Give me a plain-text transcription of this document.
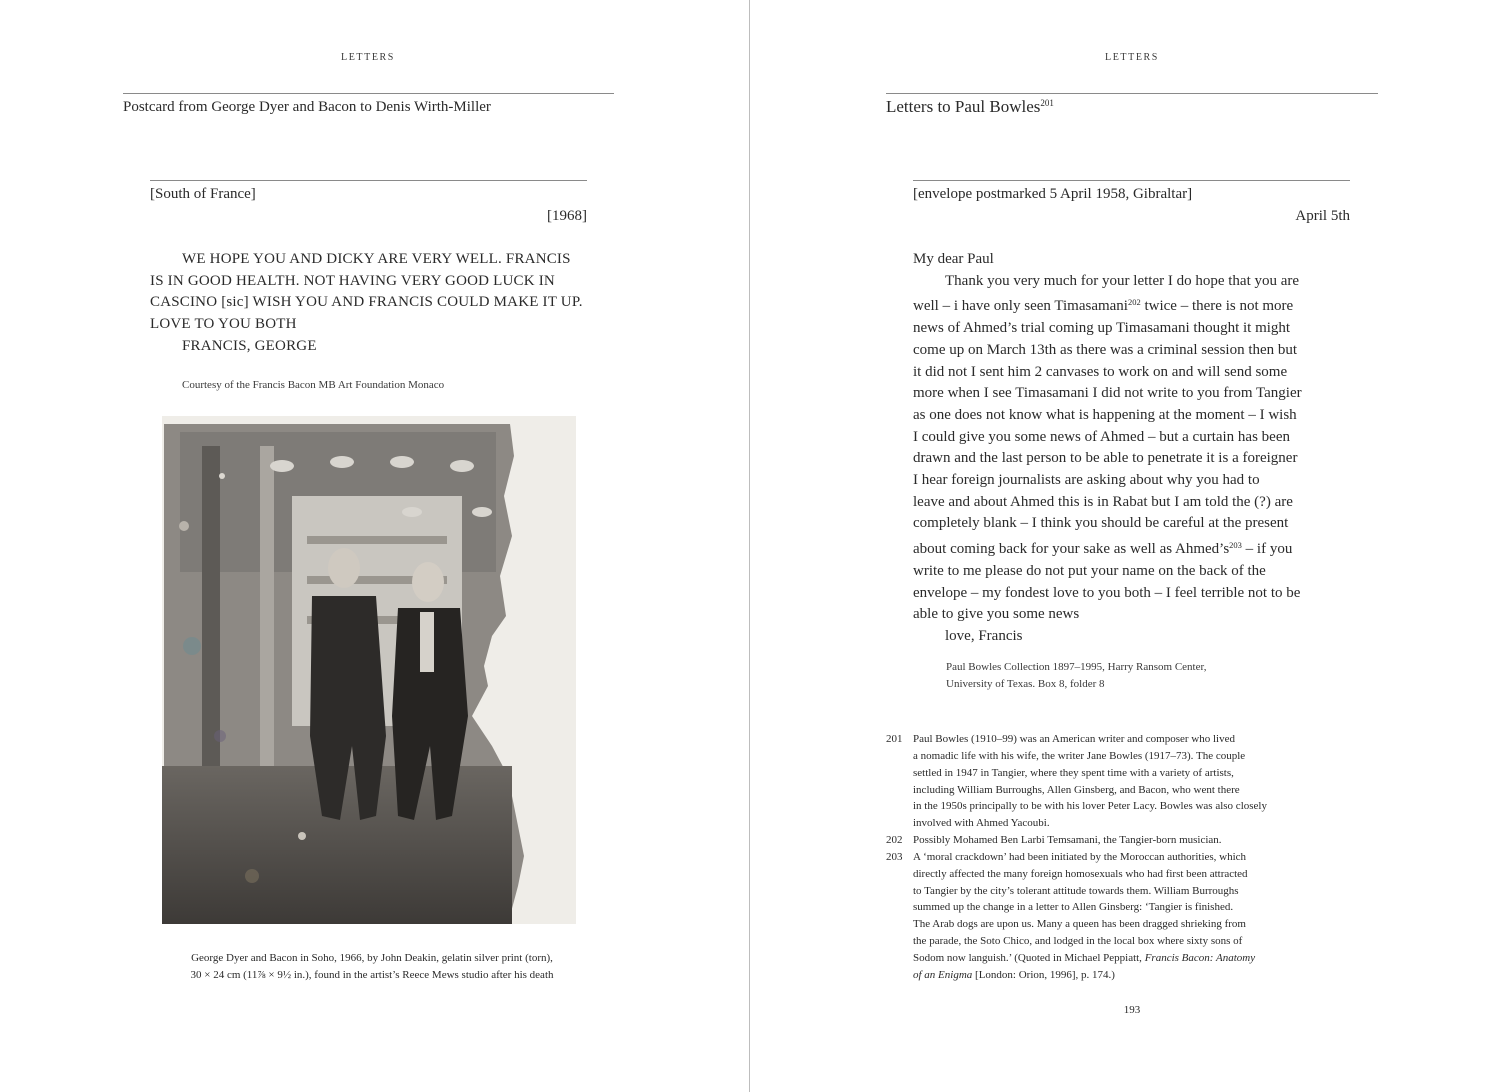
LETTERS
Postcard from George Dyer and Bacon to Denis Wirth-Miller
[South of France]
[1968]

WE HOPE YOU AND DICKY ARE VERY WELL. FRANCIS

IS IN GOOD HEALTH. NOT HAVING VERY GOOD LUCK IN

CASCINO [sic] WISH YOU AND FRANCIS COULD MAKE IT UP.

LOVE TO YOU BOTH

FRANCIS, GEORGE

Courtesy of the Francis Bacon MB Art Foundation Monaco
George Dyer and Bacon in Soho, 1966, by John Deakin, gelatin silver print (torn),
30 × 24 cm (11⅞ × 9½ in.), found in the artist’s Reece Mews studio after his death
LETTERS
Letters to Paul Bowles$^{201}$
[envelope postmarked 5 April 1958, Gibraltar]
April 5th

My dear Paul

Thank you very much for your letter I do hope that you are

well – i have only seen Timasamani$^{202}$ twice – there is not more

news of Ahmed’s trial coming up Timasamani thought it might

come up on March 13th as there was a criminal session then but

it did not I sent him 2 canvases to work on and will send some

more when I see Timasamani I did not write to you from Tangier

as one does not know what is happening at the moment – I wish

I could give you some news of Ahmed – but a curtain has been

drawn and the last person to be able to penetrate it is a foreigner

I hear foreign journalists are asking about why you had to

leave and about Ahmed this is in Rabat but I am told the (?) are

completely blank – I think you should be careful at the present

about coming back for your sake as well as Ahmed’s$^{203}$ – if you

write to me please do not put your name on the back of the

envelope – my fondest love to you both – I feel terrible not to be

able to give you some news

love, Francis

Paul Bowles Collection 1897–1995, Harry Ransom Center,
University of Texas. Box 8, folder 8
201 Paul Bowles (1910–99) was an American writer and composer who lived
a nomadic life with his wife, the writer Jane Bowles (1917–73). The couple
settled in 1947 in Tangier, where they spent time with a variety of artists,
including William Burroughs, Allen Ginsberg, and Bacon, who went there
in the 1950s principally to be with his lover Peter Lacy. Bowles was also closely
involved with Ahmed Yacoubi.
202 Possibly Mohamed Ben Larbi Temsamani, the Tangier-born musician.
203 A ‘moral crackdown’ had been initiated by the Moroccan authorities, which
directly affected the many foreign homosexuals who had first been attracted
to Tangier by the city’s tolerant attitude towards them. William Burroughs
summed up the change in a letter to Allen Ginsberg: ‘Tangier is finished.
The Arab dogs are upon us. Many a queen has been dragged shrieking from
the parade, the Soto Chico, and lodged in the local box where sixty sons of
Sodom now languish.’ (Quoted in Michael Peppiatt, Francis Bacon: Anatomy
of an Enigma [London: Orion, 1996], p. 174.)
193
